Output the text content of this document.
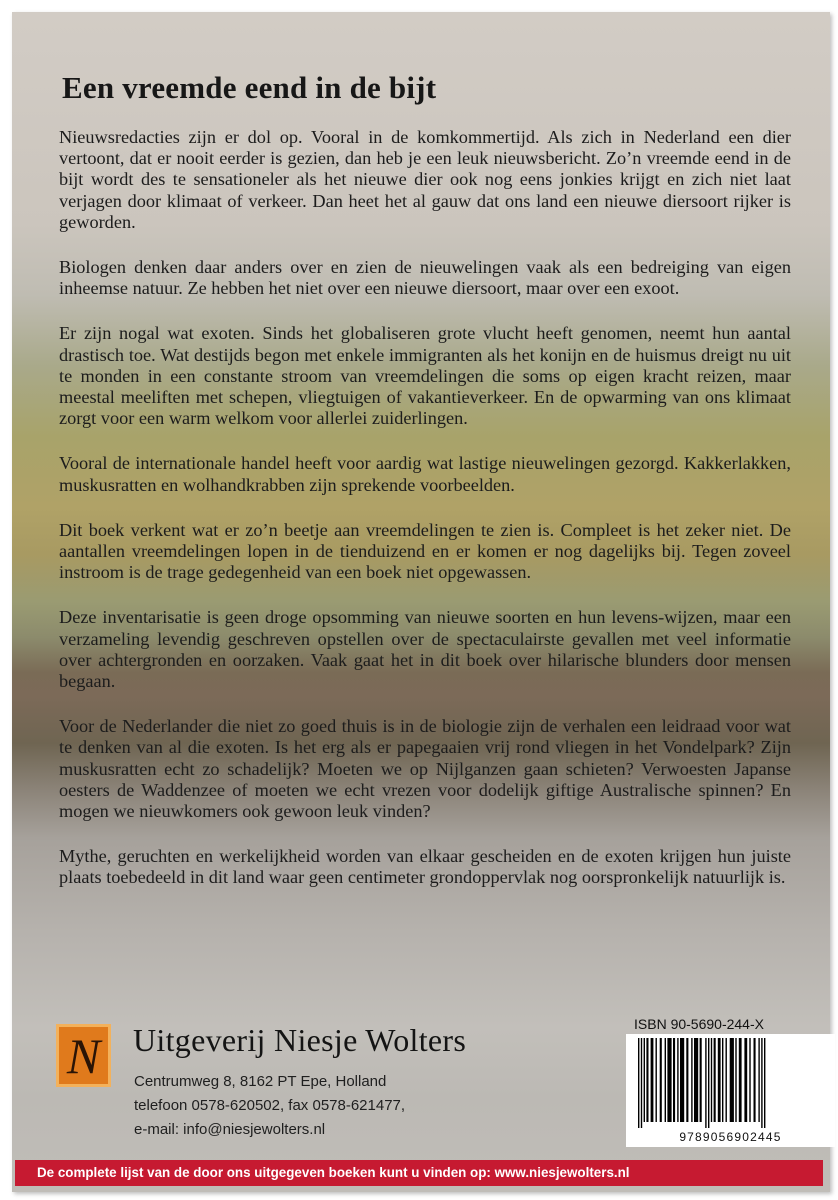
Een vreemde eend in de bijt

Nieuwsredacties zijn er dol op. Vooral in de komkommertijd. Als zich in Nederland een dier vertoont, dat er nooit eerder is gezien, dan heb je een leuk nieuwsbericht. Zo’n vreemde eend in de bijt wordt des te sensationeler als het nieuwe dier ook nog eens jonkies krijgt en zich niet laat verjagen door klimaat of verkeer. Dan heet het al gauw dat ons land een nieuwe diersoort rijker is geworden.

Biologen denken daar anders over en zien de nieuwelingen vaak als een bedreiging van eigen inheemse natuur. Ze hebben het niet over een nieuwe diersoort, maar over een exoot.

Er zijn nogal wat exoten. Sinds het globaliseren grote vlucht heeft genomen, neemt hun aantal drastisch toe. Wat destijds begon met enkele immigranten als het konijn en de huismus dreigt nu uit te monden in een constante stroom van vreemdelingen die soms op eigen kracht reizen, maar meestal meeliften met schepen, vliegtuigen of vakantieverkeer. En de opwarming van ons klimaat zorgt voor een warm welkom voor allerlei zuiderlingen.

Vooral de internationale handel heeft voor aardig wat lastige nieuwelingen gezorgd. Kakkerlakken, muskusratten en wolhandkrabben zijn sprekende voorbeelden.

Dit boek verkent wat er zo’n beetje aan vreemdelingen te zien is. Compleet is het zeker niet. De aantallen vreemdelingen lopen in de tienduizend en er komen er nog dagelijks bij. Tegen zoveel instroom is de trage gedegenheid van een boek niet opgewassen.

Deze inventarisatie is geen droge opsomming van nieuwe soorten en hun levens-wijzen, maar een verzameling levendig geschreven opstellen over de spectaculairste gevallen met veel informatie over achtergronden en oorzaken. Vaak gaat het in dit boek over hilarische blunders door mensen begaan.

Voor de Nederlander die niet zo goed thuis is in de biologie zijn de verhalen een leidraad voor wat te denken van al die exoten. Is het erg als er papegaaien vrij rond vliegen in het Vondelpark? Zijn muskusratten echt zo schadelijk? Moeten we op Nijlganzen gaan schieten? Verwoesten Japanse oesters de Waddenzee of moeten we echt vrezen voor dodelijk giftige Australische spinnen? En mogen we nieuwkomers ook gewoon leuk vinden?

Mythe, geruchten en werkelijkheid worden van elkaar gescheiden en de exoten krijgen hun juiste plaats toebedeeld in dit land waar geen centimeter grondoppervlak nog oorspronkelijk natuurlijk is.

N Uitgeverij Niesje Wolters
Centrumweg 8, 8162 PT Epe, Holland
telefoon 0578-620502, fax 0578-621477,
e-mail: info@niesjewolters.nl
ISBN 90-5690-244-X
9789056902445
De complete lijst van de door ons uitgegeven boeken kunt u vinden op: www.niesjewolters.nl
